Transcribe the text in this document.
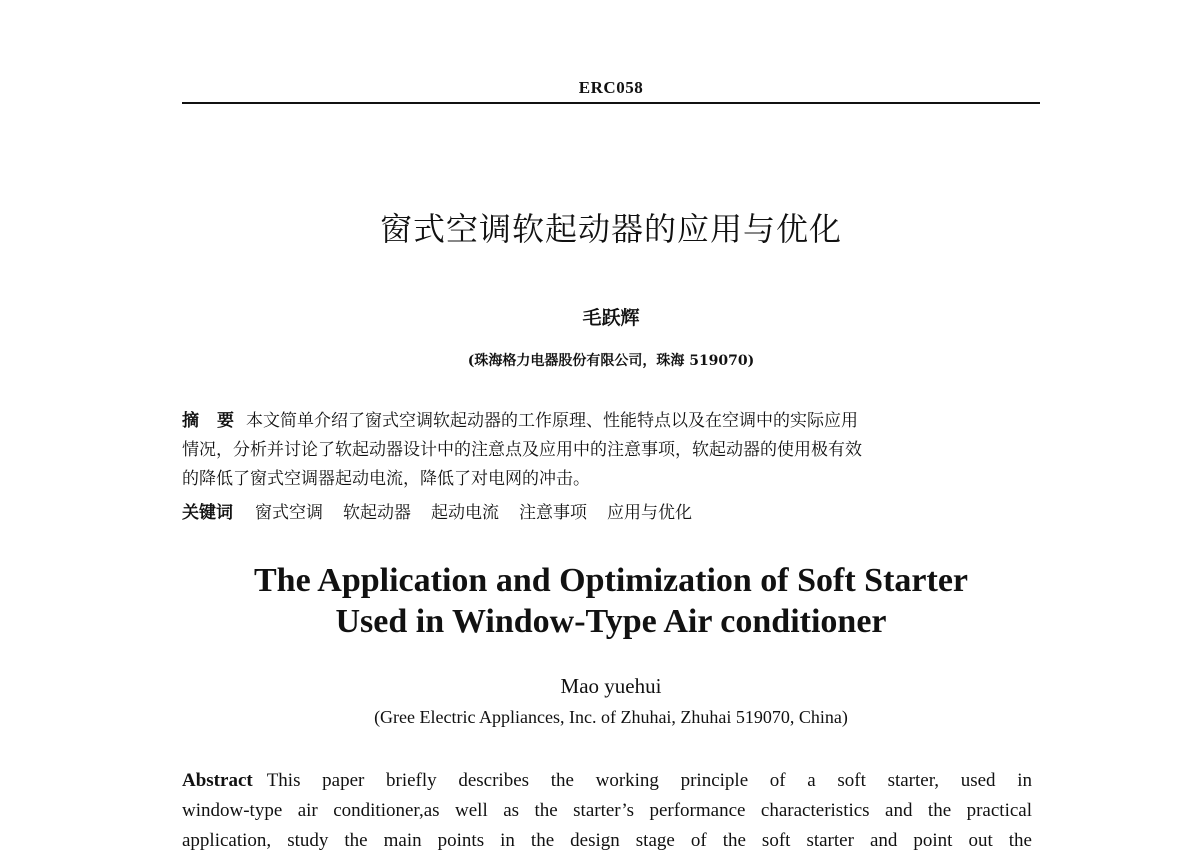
ERC058
窗式空调软起动器的应用与优化
毛跃辉
(珠海格力电器股份有限公司，珠海 519070)
摘 要 本文简单介绍了窗式空调软起动器的工作原理、性能特点以及在空调中的实际应用
情况，分析并讨论了软起动器设计中的注意点及应用中的注意事项，软起动器的使用极有效
的降低了窗式空调器起动电流，降低了对电网的冲击。
关键词 窗式空调 软起动器 起动电流 注意事项 应用与优化
The Application and Optimization of Soft Starter
Used in Window-Type Air conditioner
Mao yuehui
(Gree Electric Appliances, Inc. of Zhuhai, Zhuhai 519070, China)
Abstract This paper briefly describes the working principle of a soft starter, used in
window-type air conditioner,as well as the starter’s performance characteristics and the practical
application, study the main points in the design stage of the soft starter and point out the
